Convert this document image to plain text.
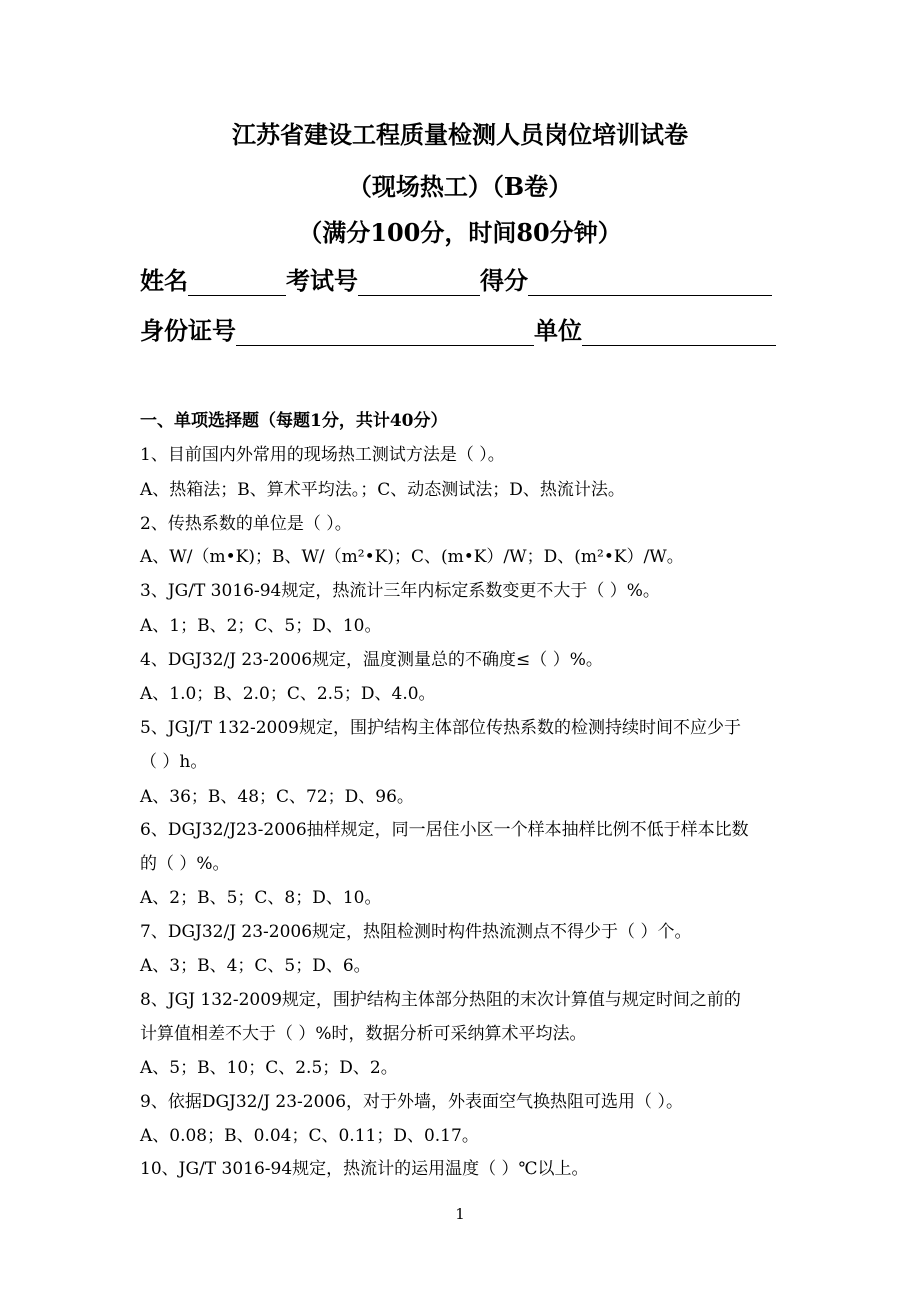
江苏省建设工程质量检测人员岗位培训试卷
（现场热工）（B卷）
（满分100分，时间80分钟）
姓名	考试号	得分
身份证号	单位
一、单项选择题（每题1分，共计40分）
1、目前国内外常用的现场热工测试方法是（ ）。
A、热箱法；B、算术平均法。；C、动态测试法；D、热流计法。
2、传热系数的单位是（ ）。
A、W/（m•K)；B、W/（m²•K)；C、(m•K）/W；D、(m²•K）/W。
3、JG/T 3016-94规定，热流计三年内标定系数变更不大于（ ）%。
A、1；B、2；C、5；D、10。
4、DGJ32/J 23-2006规定，温度测量总的不确度≤（ ）%。
A、1.0；B、2.0；C、2.5；D、4.0。
5、JGJ/T 132-2009规定，围护结构主体部位传热系数的检测持续时间不应少于
（ ）h。
A、36；B、48；C、72；D、96。
6、DGJ32/J23-2006抽样规定，同一居住小区一个样本抽样比例不低于样本比数
的（ ）%。
A、2；B、5；C、8；D、10。
7、DGJ32/J 23-2006规定，热阻检测时构件热流测点不得少于（ ）个。
A、3；B、4；C、5；D、6。
8、JGJ 132-2009规定，围护结构主体部分热阻的末次计算值与规定时间之前的
计算值相差不大于（ ）%时，数据分析可采纳算术平均法。
A、5；B、10；C、2.5；D、2。
9、依据DGJ32/J 23-2006，对于外墙，外表面空气换热阻可选用（ ）。
A、0.08；B、0.04；C、0.11；D、0.17。
10、JG/T 3016-94规定，热流计的运用温度（ ）℃以上。
1
